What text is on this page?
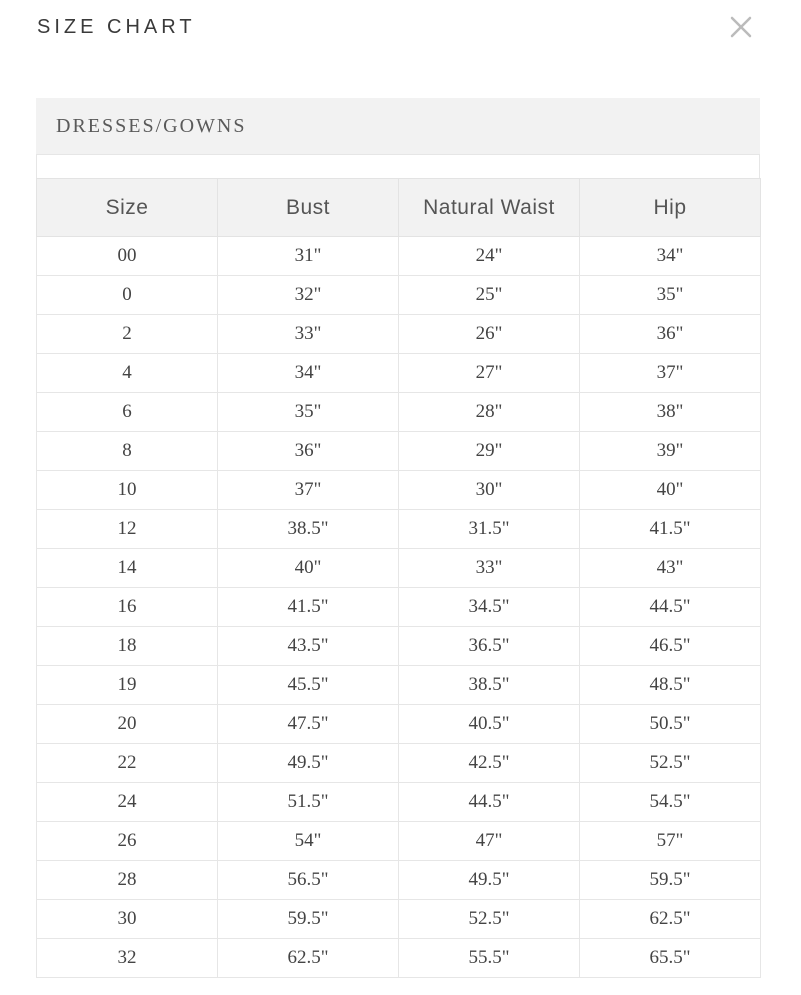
SIZE CHART
DRESSES/GOWNS
Size	Bust	Natural Waist	Hip
00	31"	24"	34"
0	32"	25"	35"
2	33"	26"	36"
4	34"	27"	37"
6	35"	28"	38"
8	36"	29"	39"
10	37"	30"	40"
12	38.5"	31.5"	41.5"
14	40"	33"	43"
16	41.5"	34.5"	44.5"
18	43.5"	36.5"	46.5"
19	45.5"	38.5"	48.5"
20	47.5"	40.5"	50.5"
22	49.5"	42.5"	52.5"
24	51.5"	44.5"	54.5"
26	54"	47"	57"
28	56.5"	49.5"	59.5"
30	59.5"	52.5"	62.5"
32	62.5"	55.5"	65.5"
